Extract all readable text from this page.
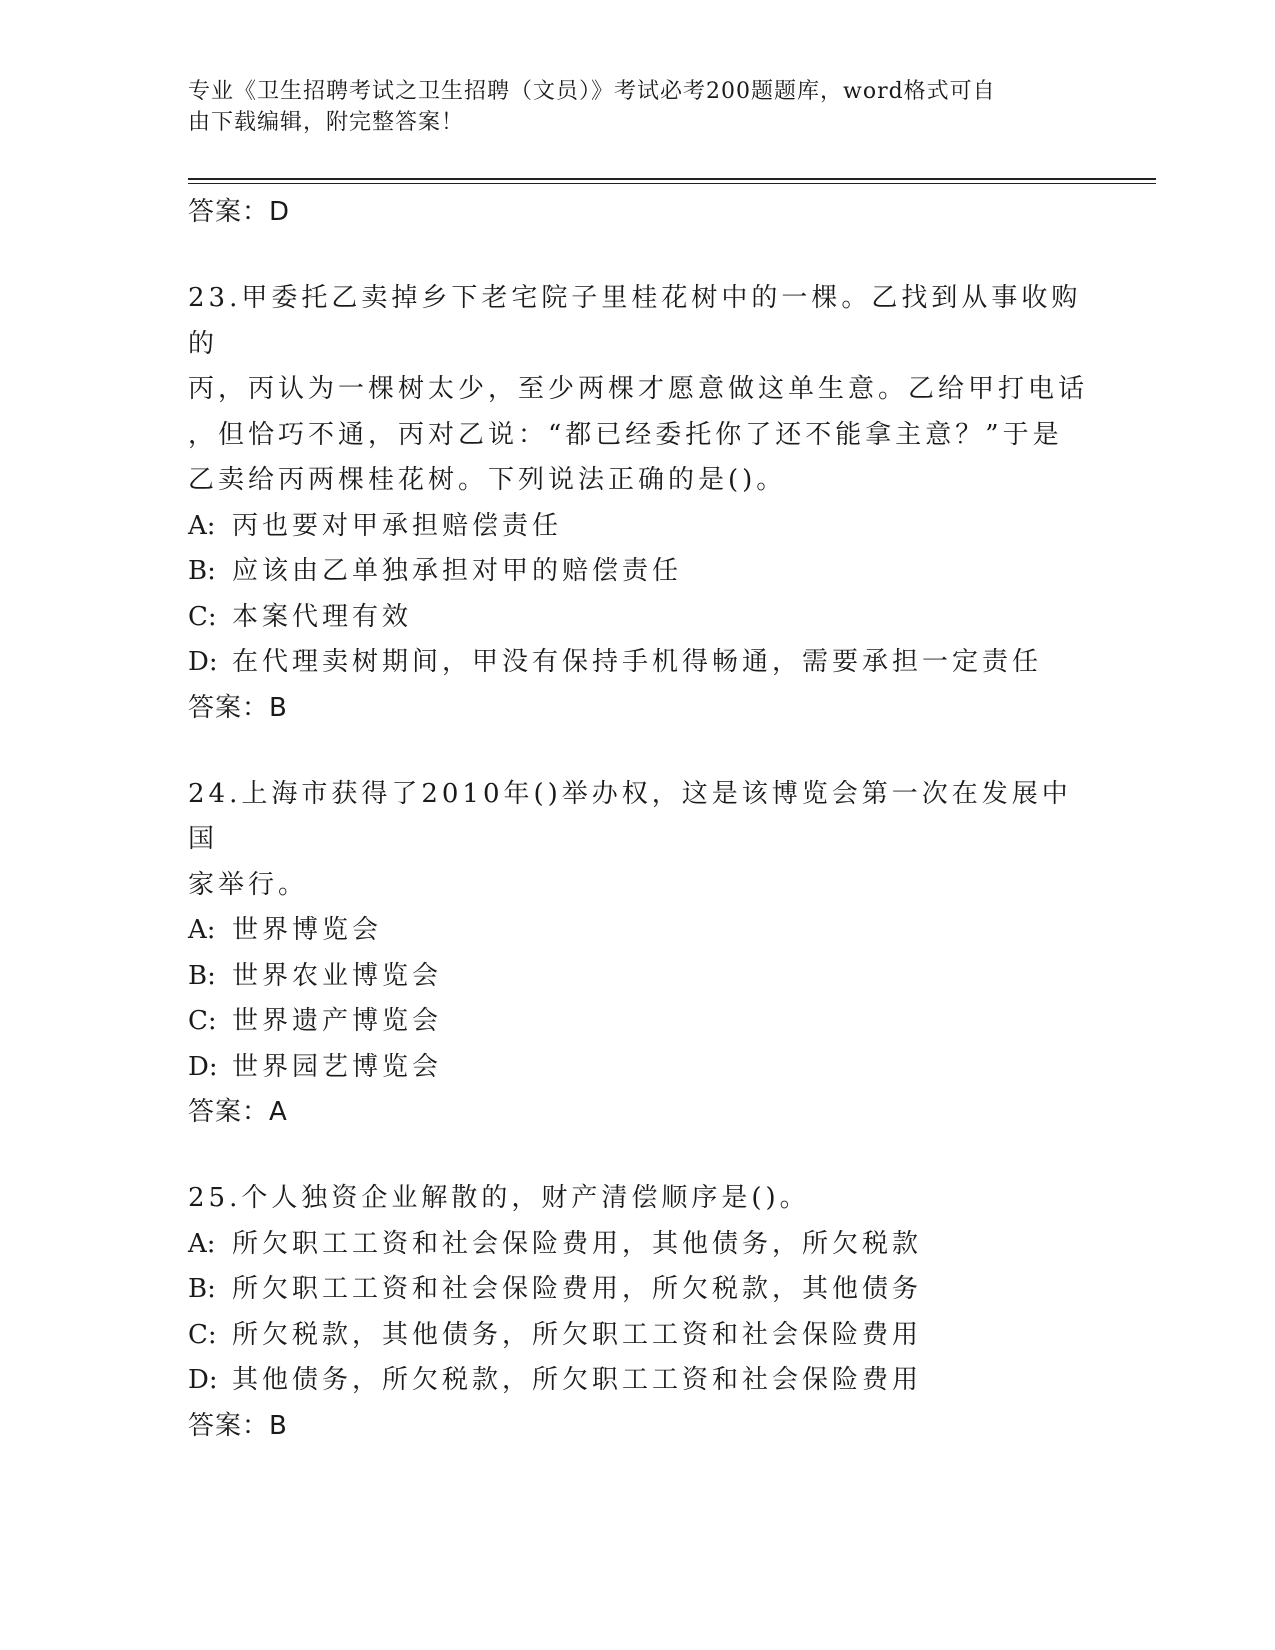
专业《卫生招聘考试之卫生招聘（文员）》考试必考200题题库，word格式可自
由下载编辑，附完整答案！
答案：D
23.甲委托乙卖掉乡下老宅院子里桂花树中的一棵。乙找到从事收购的
丙，丙认为一棵树太少，至少两棵才愿意做这单生意。乙给甲打电话
，但恰巧不通，丙对乙说：“都已经委托你了还不能拿主意？”于是
乙卖给丙两棵桂花树。下列说法正确的是()。
A: 丙也要对甲承担赔偿责任
B: 应该由乙单独承担对甲的赔偿责任
C: 本案代理有效
D: 在代理卖树期间，甲没有保持手机得畅通，需要承担一定责任
答案：B
24.上海市获得了2010年()举办权，这是该博览会第一次在发展中国
家举行。
A: 世界博览会
B: 世界农业博览会
C: 世界遗产博览会
D: 世界园艺博览会
答案：A
25.个人独资企业解散的，财产清偿顺序是()。
A: 所欠职工工资和社会保险费用，其他债务，所欠税款
B: 所欠职工工资和社会保险费用，所欠税款，其他债务
C: 所欠税款，其他债务，所欠职工工资和社会保险费用
D: 其他债务，所欠税款，所欠职工工资和社会保险费用
答案：B
